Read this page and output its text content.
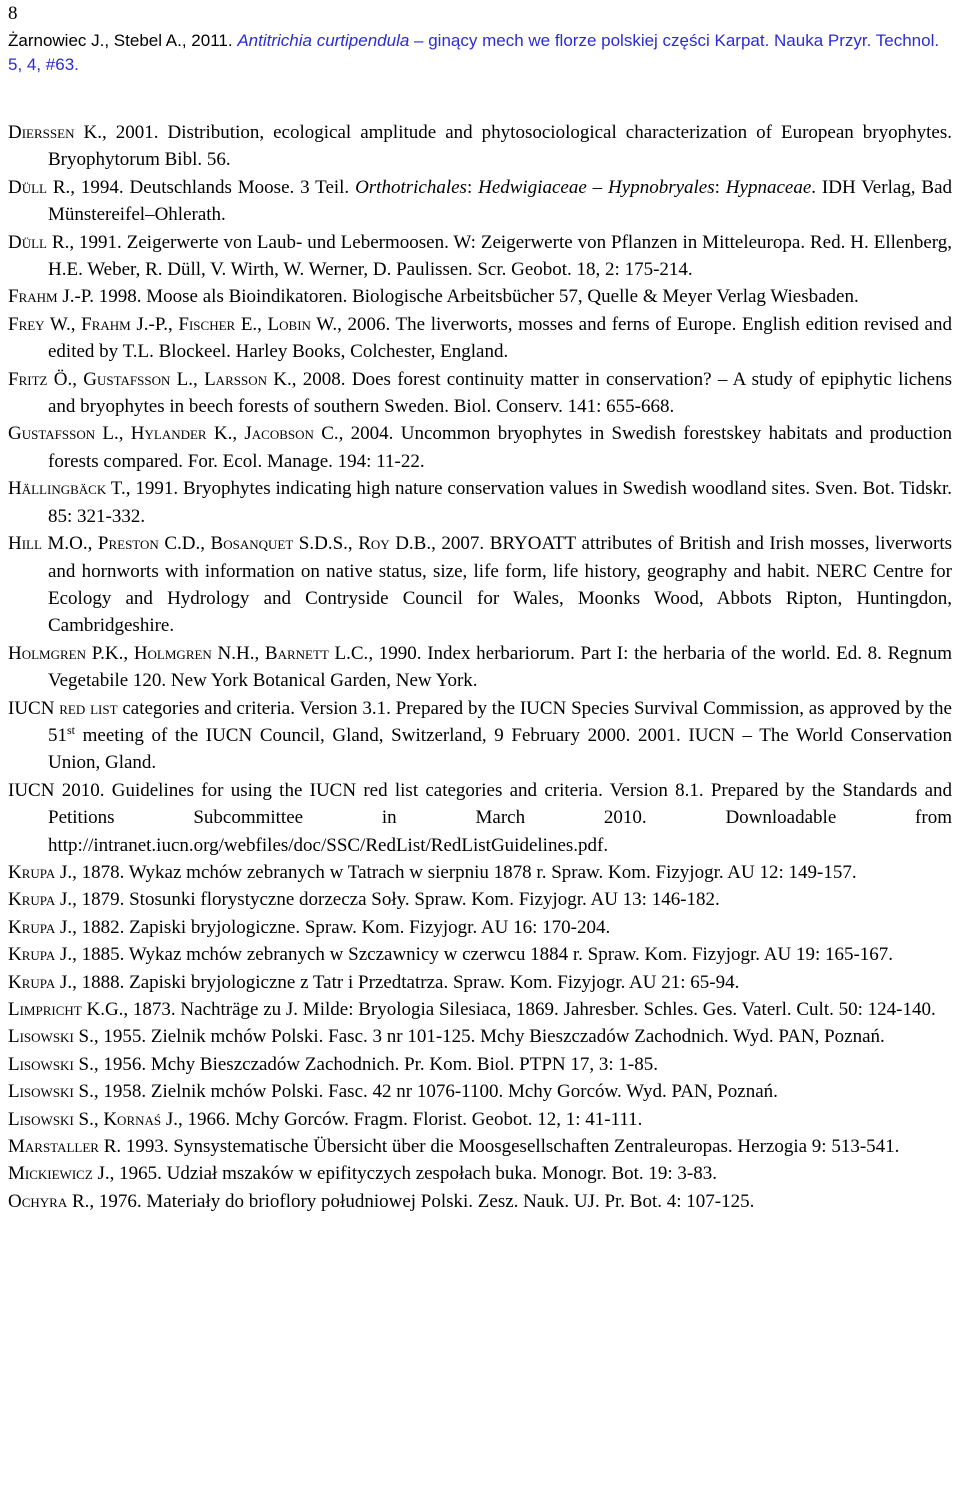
8
Żarnowiec J., Stebel A., 2011. Antitrichia curtipendula – ginący mech we florze polskiej części Karpat. Nauka Przyr. Technol. 5, 4, #63.
Dierßen K., 2001. Distribution, ecological amplitude and phytosociological characterization of European bryophytes. Bryophytorum Bibl. 56.
Düll R., 1994. Deutschlands Moose. 3 Teil. Orthotrichales: Hedwigiaceae – Hypnobryales: Hypnaceae. IDH Verlag, Bad Münstereifel–Ohlerath.
Düll R., 1991. Zeigerwerte von Laub- und Lebermoosen. W: Zeigerwerte von Pflanzen in Mitteleuropa. Red. H. Ellenberg, H.E. Weber, R. Düll, V. Wirth, W. Werner, D. Paulissen. Scr. Geobot. 18, 2: 175-214.
Frahm J.-P. 1998. Moose als Bioindikatoren. Biologische Arbeitsbücher 57, Quelle & Meyer Verlag Wiesbaden.
Frey W., Frahm J.-P., Fischer E., Lobin W., 2006. The liverworts, mosses and ferns of Europe. English edition revised and edited by T.L. Blockeel. Harley Books, Colchester, England.
Fritz Ö., Gustafsson L., Larsson K., 2008. Does forest continuity matter in conservation? – A study of epiphytic lichens and bryophytes in beech forests of southern Sweden. Biol. Conserv. 141: 655-668.
Gustafsson L., Hylander K., Jacobson C., 2004. Uncommon bryophytes in Swedish forestskey habitats and production forests compared. For. Ecol. Manage. 194: 11-22.
Hällingbäck T., 1991. Bryophytes indicating high nature conservation values in Swedish woodland sites. Sven. Bot. Tidskr. 85: 321-332.
Hill M.O., Preston C.D., Bosanquet S.D.S., Roy D.B., 2007. BRYOATT attributes of British and Irish mosses, liverworts and hornworts with information on native status, size, life form, life history, geography and habit. NERC Centre for Ecology and Hydrology and Contryside Council for Wales, Moonks Wood, Abbots Ripton, Huntingdon, Cambridgeshire.
Holmgren P.K., Holmgren N.H., Barnett L.C., 1990. Index herbariorum. Part I: the herbaria of the world. Ed. 8. Regnum Vegetabile 120. New York Botanical Garden, New York.
IUCN red list categories and criteria. Version 3.1. Prepared by the IUCN Species Survival Commission, as approved by the 51st meeting of the IUCN Council, Gland, Switzerland, 9 February 2000. 2001. IUCN – The World Conservation Union, Gland.
IUCN 2010. Guidelines for using the IUCN red list categories and criteria. Version 8.1. Prepared by the Standards and Petitions Subcommittee in March 2010. Downloadable from http://intranet.iucn.org/webfiles/doc/SSC/RedList/RedListGuidelines.pdf.
Krupa J., 1878. Wykaz mchów zebranych w Tatrach w sierpniu 1878 r. Spraw. Kom. Fizyjogr. AU 12: 149-157.
Krupa J., 1879. Stosunki florystyczne dorzecza Soły. Spraw. Kom. Fizyjogr. AU 13: 146-182.
Krupa J., 1882. Zapiski bryjologiczne. Spraw. Kom. Fizyjogr. AU 16: 170-204.
Krupa J., 1885. Wykaz mchów zebranych w Szczawnicy w czerwcu 1884 r. Spraw. Kom. Fizyjogr. AU 19: 165-167.
Krupa J., 1888. Zapiski bryjologiczne z Tatr i Przedtatrza. Spraw. Kom. Fizyjogr. AU 21: 65-94.
Limpricht K.G., 1873. Nachträge zu J. Milde: Bryologia Silesiaca, 1869. Jahresber. Schles. Ges. Vaterl. Cult. 50: 124-140.
Lisowski S., 1955. Zielnik mchów Polski. Fasc. 3 nr 101-125. Mchy Bieszczadów Zachodnich. Wyd. PAN, Poznań.
Lisowski S., 1956. Mchy Bieszczadów Zachodnich. Pr. Kom. Biol. PTPN 17, 3: 1-85.
Lisowski S., 1958. Zielnik mchów Polski. Fasc. 42 nr 1076-1100. Mchy Gorców. Wyd. PAN, Poznań.
Lisowski S., Kornaś J., 1966. Mchy Gorców. Fragm. Florist. Geobot. 12, 1: 41-111.
Marstaller R. 1993. Synsystematische Übersicht über die Moosgesellschaften Zentraleuropas. Herzogia 9: 513-541.
Mickiewicz J., 1965. Udział mszaków w epifityczych zespołach buka. Monogr. Bot. 19: 3-83.
Ochyra R., 1976. Materiały do brioflory południowej Polski. Zesz. Nauk. UJ. Pr. Bot. 4: 107-125.
